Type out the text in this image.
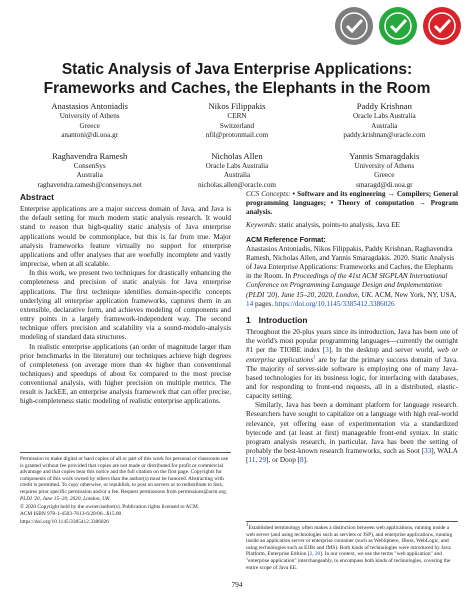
Static Analysis of Java Enterprise Applications:
Frameworks and Caches, the Elephants in the Room
Anastasios Antoniadis
University of Athens
Greece
anantoni@di.uoa.gr
Nikos Filippakis
CERN
Switzerland
nfil@protonmail.com
Paddy Krishnan
Oracle Labs Australia
Australia
paddy.krishnan@oracle.com
Raghavendra Ramesh
ConsenSys
Australia
raghavendra.ramesh@consensys.net
Nicholas Allen
Oracle Labs Australia
Australia
nicholas.allen@oracle.com
Yannis Smaragdakis
University of Athens
Greece
smaragd@di.uoa.gr
Abstract

Enterprise applications are a major success domain of Java, and Java is the default setting for much modern static analysis research. It would stand to reason that high-quality static analysis of Java enterprise applications would be commonplace, but this is far from true. Major analysis frameworks feature virtually no support for enterprise applications and offer analyses that are woefully incomplete and vastly imprecise, when at all scalable.

In this work, we present two techniques for drastically enhancing the completeness and precision of static analysis for Java enterprise applications. The first technique identifies domain-specific concepts underlying all enterprise application frameworks, captures them in an extensible, declarative form, and achieves modeling of components and entry points in a largely framework-independent way. The second technique offers precision and scalability via a sound-modulo-analysis modeling of standard data structures.

In realistic enterprise applications (an order of magnitude larger than prior benchmarks in the literature) our techniques achieve high degrees of completeness (on average more than 4x higher than conventional techniques) and speedups of about 6x compared to the most precise conventional analysis, with higher precision on multiple metrics. The result is JackEE, an enterprise analysis framework that can offer precise, high-completeness static modeling of realistic enterprise applications.

Permission to make digital or hard copies of all or part of this work for personal or classroom use is granted without fee provided that copies are not made or distributed for profit or commercial advantage and that copies bear this notice and the full citation on the first page. Copyrights for components of this work owned by others than the author(s) must be honored. Abstracting with credit is permitted. To copy otherwise, or republish, to post on servers or to redistribute to lists, requires prior specific permission and/or a fee. Request permissions from permissions@acm.org.

PLDI '20, June 15–20, 2020, London, UK

© 2020 Copyright held by the owner/author(s). Publication rights licensed to ACM.

ACM ISBN 978-1-4503-7613-6/20/06...$15.00

https://doi.org/10.1145/3385412.3386026

CCS Concepts: • Software and its engineering → Compilers; General programming languages; • Theory of computation → Program analysis.

Keywords: static analysis, points-to analysis, Java EE

ACM Reference Format:

Anastasios Antoniadis, Nikos Filippakis, Paddy Krishnan, Raghavendra Ramesh, Nicholas Allen, and Yannis Smaragdakis. 2020. Static Analysis of Java Enterprise Applications: Frameworks and Caches, the Elephants in the Room. In Proceedings of the 41st ACM SIGPLAN International Conference on Programming Language Design and Implementation (PLDI '20), June 15–20, 2020, London, UK. ACM, New York, NY, USA, 14 pages. https://doi.org/10.1145/3385412.3386026

1 Introduction

Throughout the 20-plus years since its introduction, Java has been one of the world's most popular programming languages—currently the outright #1 per the TIOBE index [3]. In the desktop and server world, web or enterprise applications$^1$ are by far the primary success domain of Java. The majority of server-side software is employing one of many Java-based technologies for its business logic, for interfacing with databases, and for responding to front-end requests, all in a distributed, elastic-capacity setting.

Similarly, Java has been a dominant platform for language research. Researchers have sought to capitalize on a language with high real-world relevance, yet offering ease of experimentation via a standardized bytecode and (at least at first) manageable front-end syntax. In static program analysis research, in particular, Java has been the setting of probably the best-known research frameworks, such as Soot [33], WALA [11, 29], or Doop [8].

1Established terminology often makes a distinction between web applications, running inside a web server (and using technologies such as servlets or JSP), and enterprise applications, running inside an application server or enterprise container (such as WebSphere, JBoss, WebLogic, and using technologies such as EJBs and JMS). Both kinds of technologies were introduced by Java Platform, Enterprise Edition [2, 20]. In our context, we use the terms "web application" and "enterprise application" interchangeably, to encompass both kinds of technologies, covering the entire scope of Java EE.
794
